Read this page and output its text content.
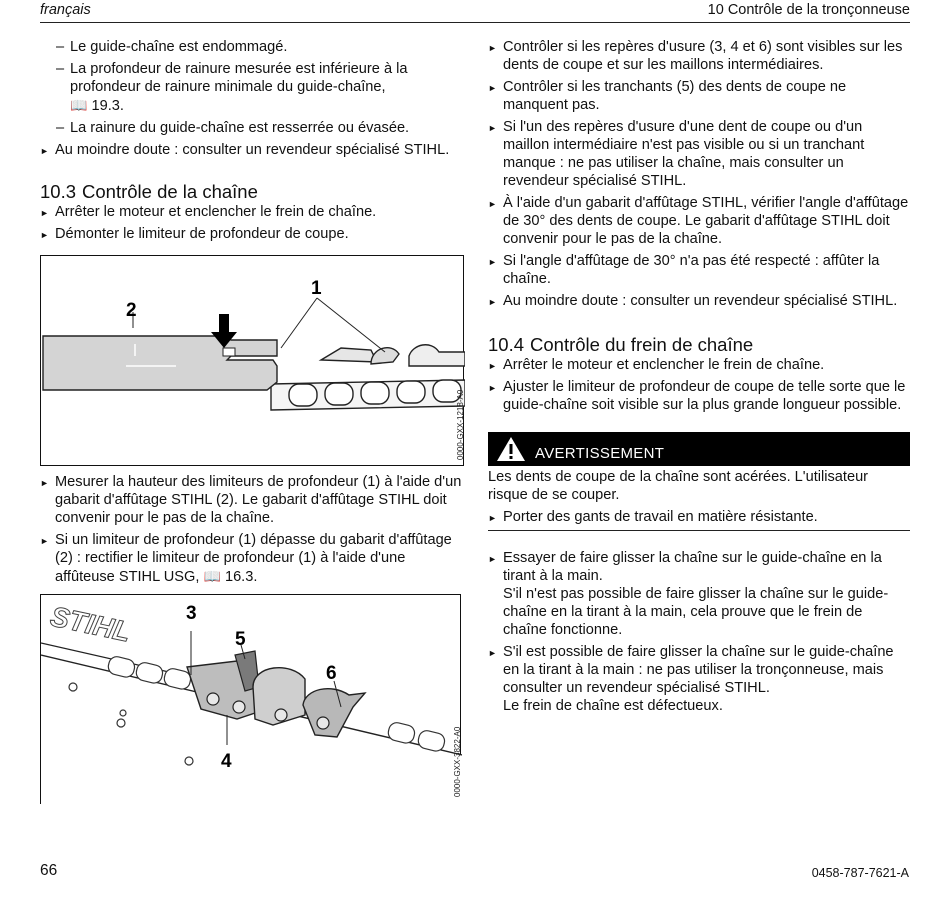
français	10 Contrôle de la tronçonneuse
– Le guide-chaîne est endommagé.
– La profondeur de rainure mesurée est inférieure à la profondeur de rainure minimale du guide-chaîne,
📖 19.3.
– La rainure du guide-chaîne est resserrée ou évasée.
► Au moindre doute : consulter un revendeur spécialisé STIHL.
10.3 Contrôle de la chaîne
► Arrêter le moteur et enclencher le frein de chaîne.
► Démonter le limiteur de profondeur de coupe.
1
2
0000-GXX-1218-A0
► Mesurer la hauteur des limiteurs de profondeur (1) à l'aide d'un gabarit d'affûtage STIHL (2). Le gabarit d'affûtage STIHL doit convenir pour le pas de la chaîne.
► Si un limiteur de profondeur (1) dépasse du gabarit d'affûtage (2) : rectifier le limiteur de profondeur (1) à l'aide d'une affûteuse STIHL USG, 📖 16.3.
STIHL	3
5
6
4	0000-GXX-3822-A0
► Contrôler si les repères d'usure (3, 4 et 6) sont visibles sur les dents de coupe et sur les maillons intermédiaires.
► Contrôler si les tranchants (5) des dents de coupe ne manquent pas.
► Si l'un des repères d'usure d'une dent de coupe ou d'un maillon intermédiaire n'est pas visible ou si un tranchant manque : ne pas utiliser la chaîne, mais consulter un revendeur spécialisé STIHL.
► À l'aide d'un gabarit d'affûtage STIHL, vérifier l'angle d'affûtage de 30° des dents de coupe. Le gabarit d'affûtage STIHL doit convenir pour le pas de la chaîne.
► Si l'angle d'affûtage de 30° n'a pas été respecté : affûter la chaîne.
► Au moindre doute : consulter un revendeur spécialisé STIHL.
10.4 Contrôle du frein de chaîne
► Arrêter le moteur et enclencher le frein de chaîne.
► Ajuster le limiteur de profondeur de coupe de telle sorte que le guide-chaîne soit visible sur la plus grande longueur possible.
AVERTISSEMENT
Les dents de coupe de la chaîne sont acérées. L'utilisateur risque de se couper.
► Porter des gants de travail en matière résistante.
► Essayer de faire glisser la chaîne sur le guide-chaîne en la tirant à la main.
S'il n'est pas possible de faire glisser la chaîne sur le guide-chaîne en la tirant à la main, cela prouve que le frein de chaîne fonctionne.
► S'il est possible de faire glisser la chaîne sur le guide-chaîne en la tirant à la main : ne pas utiliser la tronçonneuse, mais consulter un revendeur spécialisé STIHL.
Le frein de chaîne est défectueux.
66	0458-787-7621-A
